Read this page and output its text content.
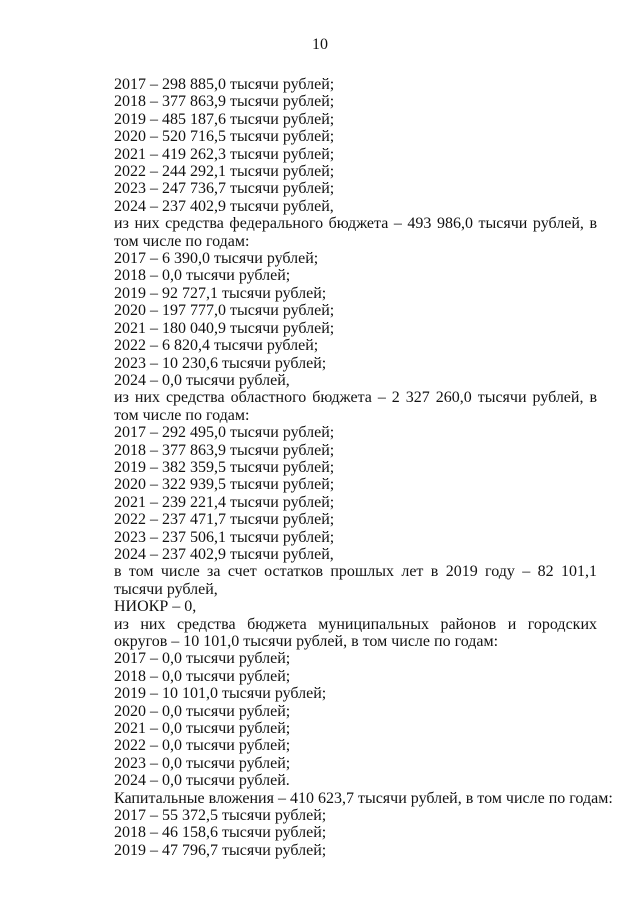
10

2017 – 298 885,0 тысячи рублей;

2018 – 377 863,9 тысячи рублей;

2019 – 485 187,6 тысячи рублей;

2020 – 520 716,5 тысячи рублей;

2021 – 419 262,3 тысячи рублей;

2022 – 244 292,1 тысячи рублей;

2023 – 247 736,7 тысячи рублей;

2024 – 237 402,9 тысячи рублей,

из них средства федерального бюджета – 493 986,0 тысячи рублей, в том числе по годам:

2017 – 6 390,0 тысячи рублей;

2018 – 0,0 тысячи рублей;

2019 – 92 727,1 тысячи рублей;

2020 – 197 777,0 тысячи рублей;

2021 – 180 040,9 тысячи рублей;

2022 – 6 820,4 тысячи рублей;

2023 – 10 230,6 тысячи рублей;

2024 – 0,0 тысячи рублей,

из них средства областного бюджета – 2 327 260,0 тысячи рублей, в том числе по годам:

2017 – 292 495,0 тысячи рублей;

2018 – 377 863,9 тысячи рублей;

2019 – 382 359,5 тысячи рублей;

2020 – 322 939,5 тысячи рублей;

2021 – 239 221,4 тысячи рублей;

2022 – 237 471,7 тысячи рублей;

2023 – 237 506,1 тысячи рублей;

2024 – 237 402,9 тысячи рублей,

в том числе за счет остатков прошлых лет в 2019 году – 82 101,1 тысячи рублей,

НИОКР – 0,

из них средства бюджета муниципальных районов и городских округов – 10 101,0 тысячи рублей, в том числе по годам:

2017 – 0,0 тысячи рублей;

2018 – 0,0 тысячи рублей;

2019 – 10 101,0 тысячи рублей;

2020 – 0,0 тысячи рублей;

2021 – 0,0 тысячи рублей;

2022 – 0,0 тысячи рублей;

2023 – 0,0 тысячи рублей;

2024 – 0,0 тысячи рублей.

Капитальные вложения – 410 623,7 тысячи рублей, в том числе по годам:

2017 – 55 372,5 тысячи рублей;

2018 – 46 158,6 тысячи рублей;

2019 – 47 796,7 тысячи рублей;
